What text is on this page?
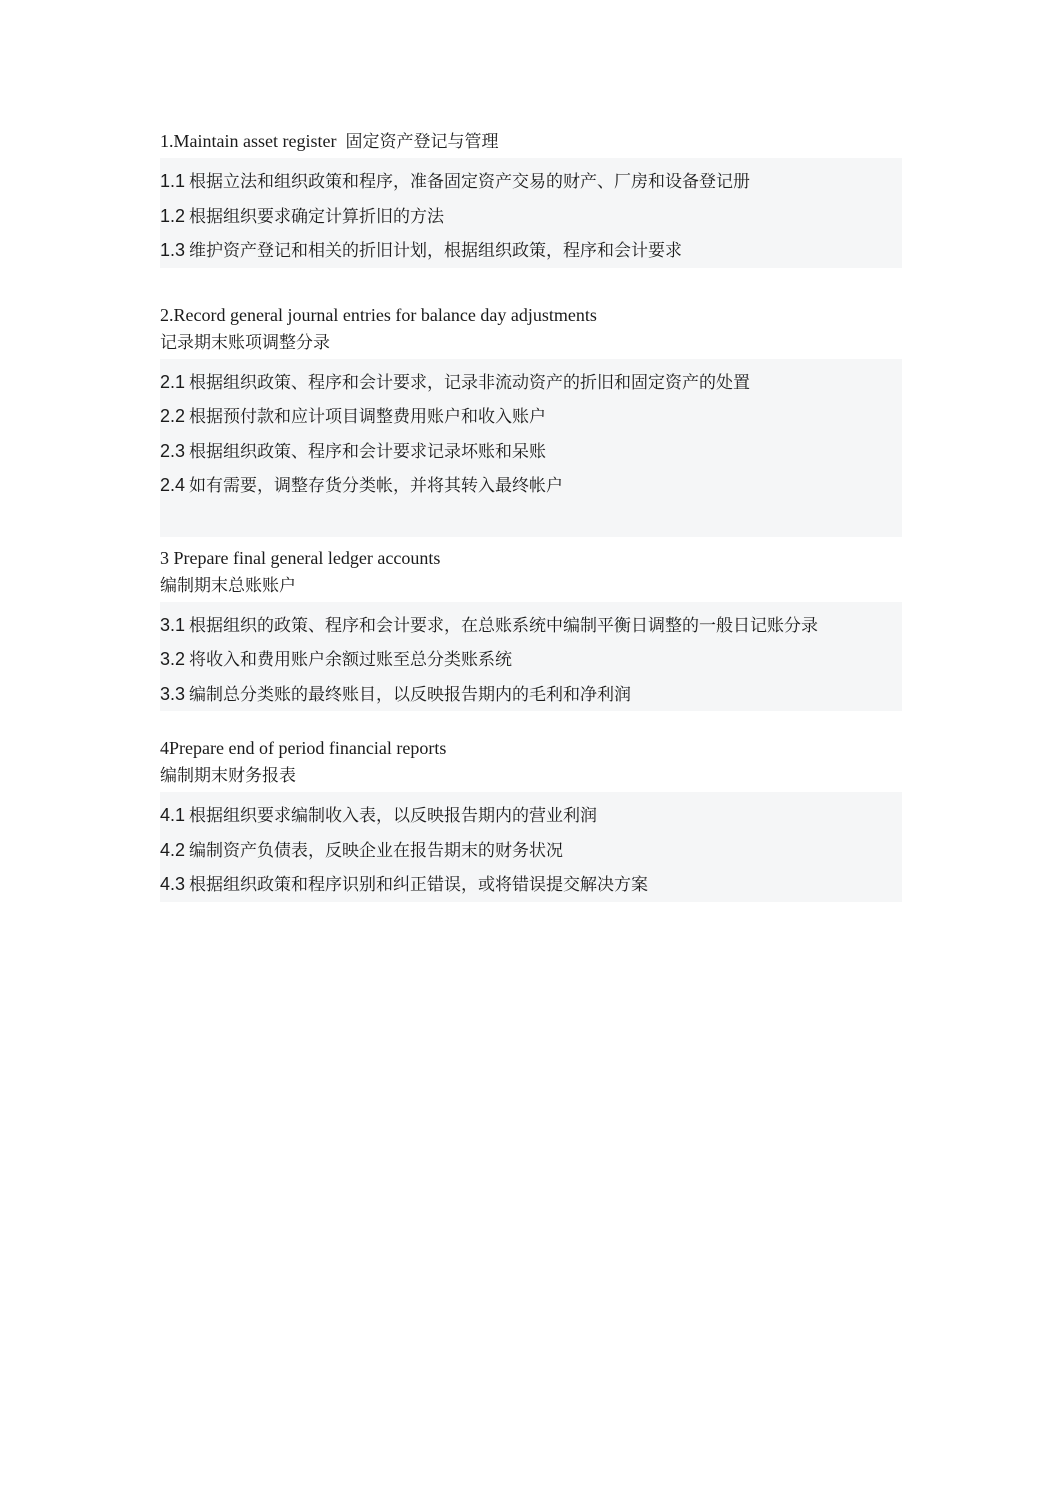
1.Maintain asset register 固定资产登记与管理

1.1 根据立法和组织政策和程序，准备固定资产交易的财产、厂房和设备登记册
1.2 根据组织要求确定计算折旧的方法
1.3 维护资产登记和相关的折旧计划，根据组织政策，程序和会计要求

2.Record general journal entries for balance day adjustments

记录期末账项调整分录

2.1 根据组织政策、程序和会计要求，记录非流动资产的折旧和固定资产的处置
2.2 根据预付款和应计项目调整费用账户和收入账户
2.3 根据组织政策、程序和会计要求记录坏账和呆账
2.4 如有需要，调整存货分类帐，并将其转入最终帐户

3 Prepare final general ledger accounts

编制期末总账账户

3.1 根据组织的政策、程序和会计要求，在总账系统中编制平衡日调整的一般日记账分录
3.2 将收入和费用账户余额过账至总分类账系统
3.3 编制总分类账的最终账目，以反映报告期内的毛利和净利润

4Prepare end of period financial reports

编制期末财务报表

4.1 根据组织要求编制收入表，以反映报告期内的营业利润
4.2 编制资产负债表，反映企业在报告期末的财务状况
4.3 根据组织政策和程序识别和纠正错误，或将错误提交解决方案
